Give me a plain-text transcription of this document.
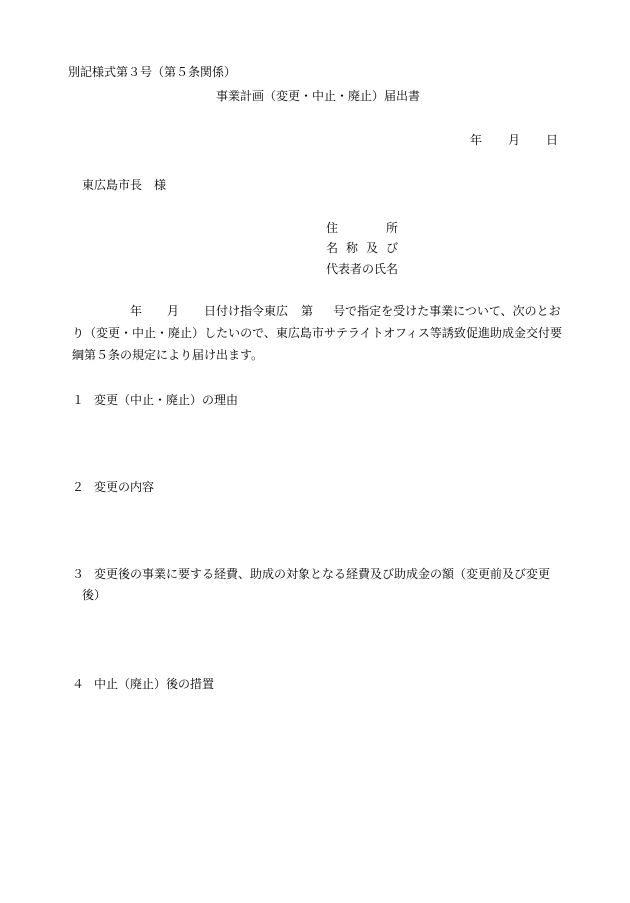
別記様式第３号（第５条関係）
事業計画（変更・中止・廃止）届出書
年 月 日
東広島市長　様
住	所
名 称 及 び
代表者の氏名
年 月 日付け指令東広 第 号で指定を受けた事業について、次のとお
り（変更・中止・廃止）したいので、東広島市サテライトオフィス等誘致促進助成金交付要
綱第５条の規定により届け出ます。
１ 変更（中止・廃止）の理由
２ 変更の内容
３ 変更後の事業に要する経費、助成の対象となる経費及び助成金の額（変更前及び変更
後）
４ 中止（廃止）後の措置
